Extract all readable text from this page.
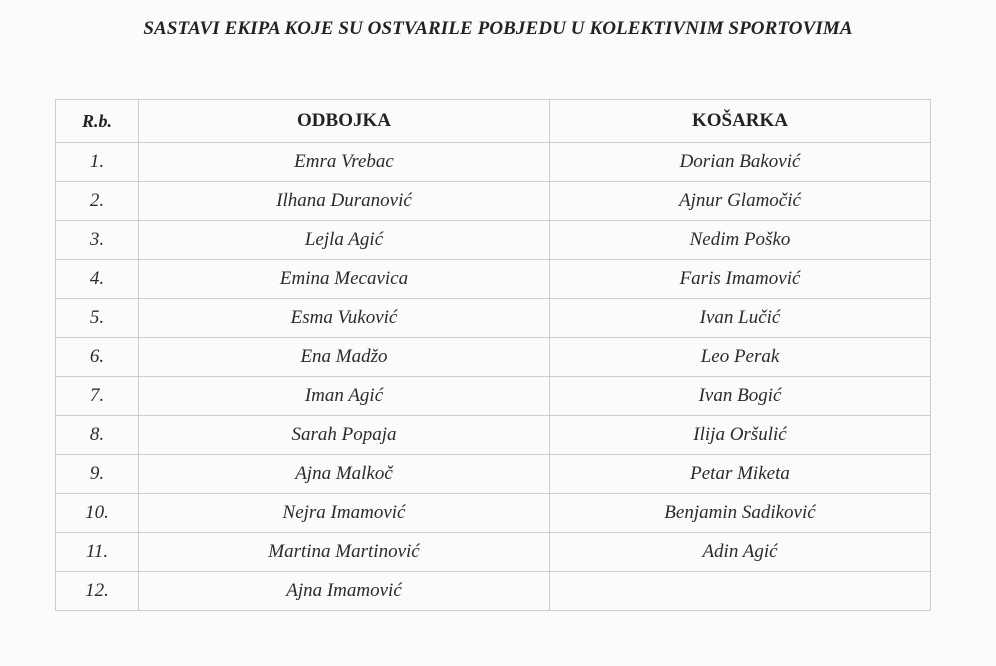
SASTAVI EKIPA KOJE SU OSTVARILE POBJEDU U KOLEKTIVNIM SPORTOVIMA
R.b.	ODBOJKA	KOŠARKA
1.	Emra Vrebac	Dorian Baković
2.	Ilhana Duranović	Ajnur Glamočić
3.	Lejla Agić	Nedim Poško
4.	Emina Mecavica	Faris Imamović
5.	Esma Vuković	Ivan Lučić
6.	Ena Madžo	Leo Perak
7.	Iman Agić	Ivan Bogić
8.	Sarah Popaja	Ilija Oršulić
9.	Ajna Malkoč	Petar Miketa
10.	Nejra Imamović	Benjamin Sadiković
11.	Martina Martinović	Adin Agić
12.	Ajna Imamović	
